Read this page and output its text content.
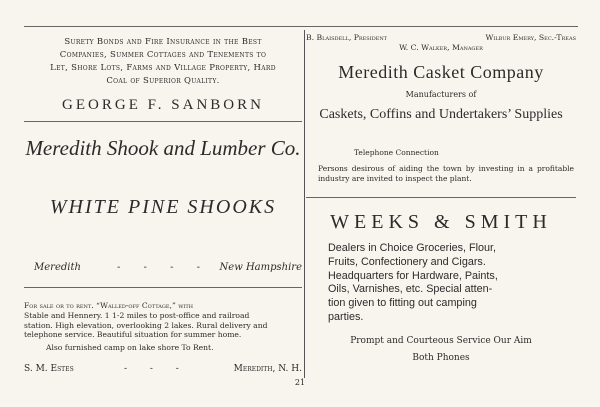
Surety Bonds and Fire Insurance in the Best
Companies, Summer Cottages and Tenements to
Let, Shore Lots, Farms and Village Property, Hard
Coal of Superior Quality.
GEORGE F. SANBORN
Meredith Shook and Lumber Co.
WHITE PINE SHOOKS
Meredith	- - - - New Hampshire
For sale or to rent. “Walled-off Cottage,” with
Stable and Hennery. 1 1-2 miles to post-office and railroad
station. High elevation, overlooking 2 lakes. Rural delivery and
telephone service. Beautiful situation for summer home.
Also furnished camp on lake shore To Rent.
S. M. Estes	- - -	Meredith, N. H.
B. Blaisdell, President	Wilbur Emery, Sec.-Treas
W. C. Walker, Manager
Meredith Casket Company
Manufacturers of
Caskets, Coffins and Undertakers’ Supplies
Telephone Connection
Persons desirous of aiding the town by investing in a profitable industry are invited to inspect the plant.
WEEKS & SMITH
Dealers in Choice Groceries, Flour,
Fruits, Confectionery and Cigars.
Headquarters for Hardware, Paints,
Oils, Varnishes, etc. Special atten-
tion given to fitting out camping
parties.
Prompt and Courteous Service Our Aim
Both Phones
21
